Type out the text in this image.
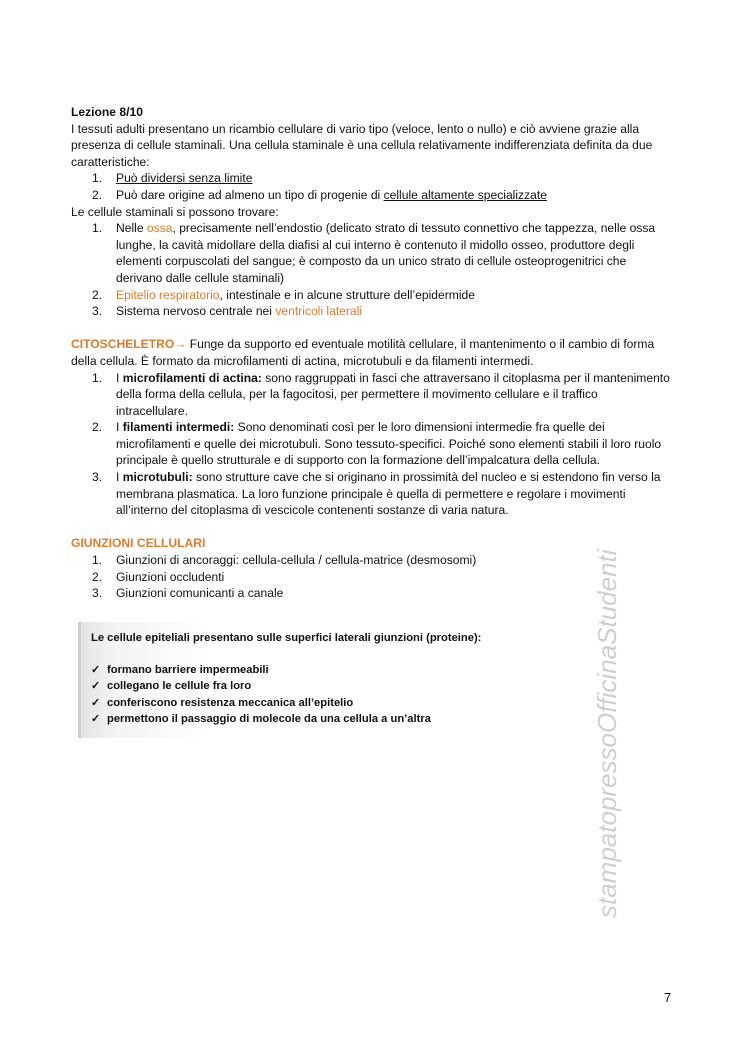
Lezione 8/10

I tessuti adulti presentano un ricambio cellulare di vario tipo (veloce, lento o nullo) e ciò avviene grazie alla presenza di cellule staminali. Una cellula staminale è una cellula relativamente indifferenziata definita da due caratteristiche:

1. Può dividersi senza limite
2. Può dare origine ad almeno un tipo di progenie di cellule altamente specializzate

Le cellule staminali si possono trovare:

1. Nelle ossa, precisamente nell’endostio (delicato strato di tessuto connettivo che tappezza, nelle ossa lunghe, la cavità midollare della diafisi al cui interno è contenuto il midollo osseo, produttore degli elementi corpuscolati del sangue; è composto da un unico strato di cellule osteoprogenitrici che derivano dalle cellule staminali)
2. Epitelio respiratorio, intestinale e in alcune strutture dell’epidermide
3. Sistema nervoso centrale nei ventricoli laterali

CITOSCHELETRO→ Funge da supporto ed eventuale motilità cellulare, il mantenimento o il cambio di forma della cellula. È formato da microfilamenti di actina, microtubuli e da filamenti intermedi.

1. I microfilamenti di actina: sono raggruppati in fasci che attraversano il citoplasma per il mantenimento della forma della cellula, per la fagocitosi, per permettere il movimento cellulare e il traffico intracellulare.
2. I filamenti intermedi: Sono denominati così per le loro dimensioni intermedie fra quelle dei microfilamenti e quelle dei microtubuli. Sono tessuto-specifici. Poiché sono elementi stabili il loro ruolo principale è quello strutturale e di supporto con la formazione dell’impalcatura della cellula.
3. I microtubuli: sono strutture cave che si originano in prossimità del nucleo e si estendono fin verso la membrana plasmatica. La loro funzione principale è quella di permettere e regolare i movimenti all’interno del citoplasma di vescicole contenenti sostanze di varia natura.

GIUNZIONI CELLULARI

1. Giunzioni di ancoraggi: cellula-cellula / cellula-matrice (desmosomi)
2. Giunzioni occludenti
3. Giunzioni comunicanti a canale
Le cellule epiteliali presentano sulle superfici laterali giunzioni (proteine):
✓ formano barriere impermeabili
✓ collegano le cellule fra loro
✓ conferiscono resistenza meccanica all’epitelio
✓ permettono il passaggio di molecole da una cellula a un’altra	stampatopressoOfficinaStudenti
7
